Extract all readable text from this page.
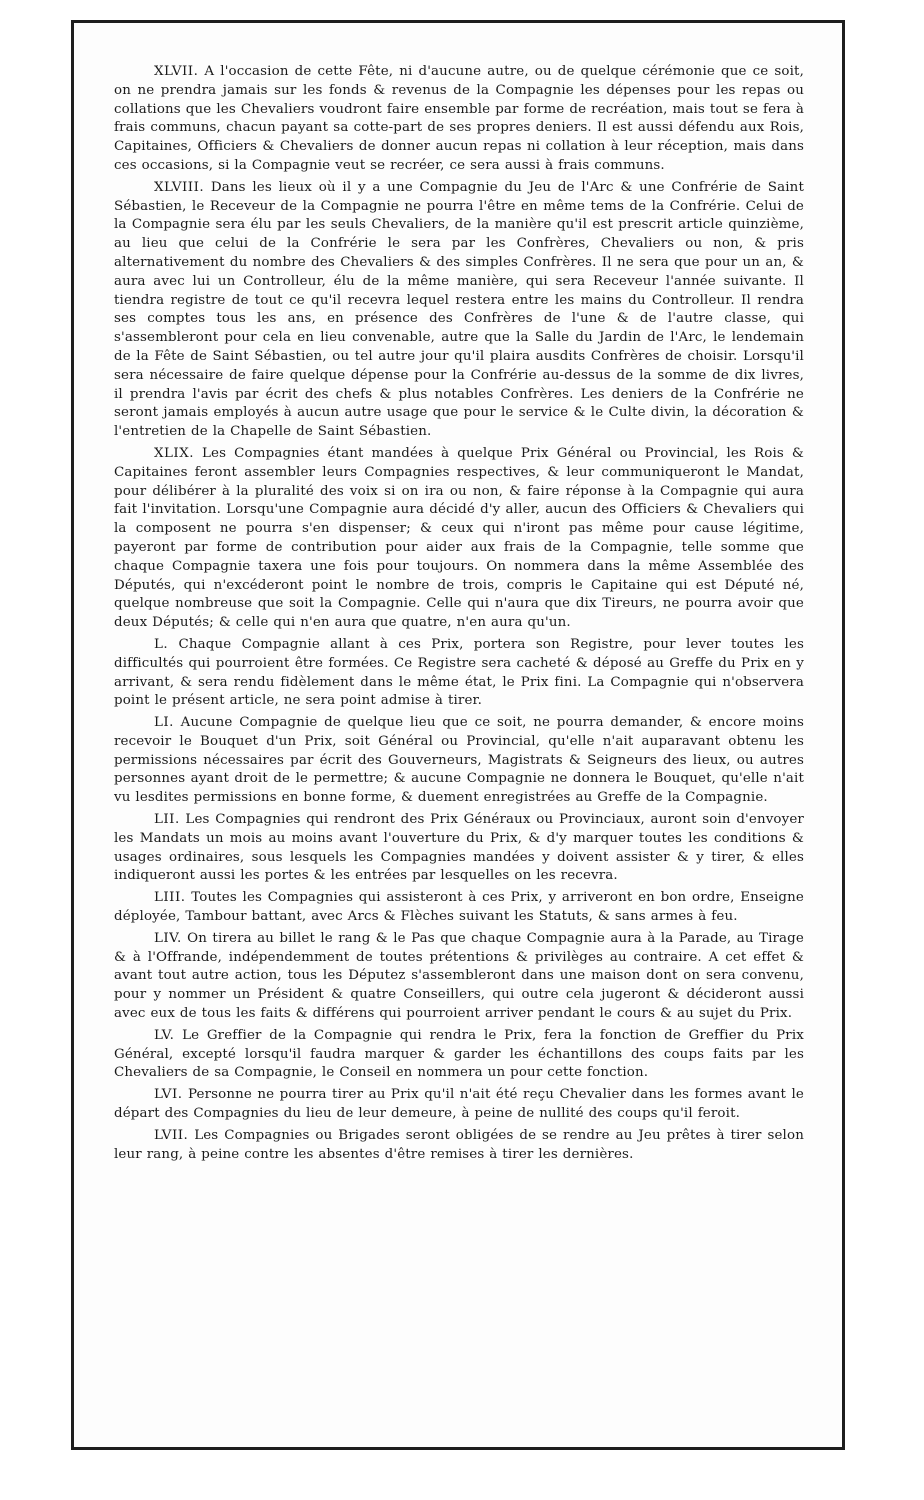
XLVII. A l'occasion de cette Fête, ni d'aucune autre, ou de quelque cérémonie que ce soit, on ne prendra jamais sur les fonds & revenus de la Compagnie les dépenses pour les repas ou collations que les Chevaliers voudront faire ensemble par forme de recréation, mais tout se fera à frais communs, chacun payant sa cotte-part de ses propres deniers. Il est aussi défendu aux Rois, Capitaines, Officiers & Chevaliers de donner aucun repas ni collation à leur réception, mais dans ces occasions, si la Compagnie veut se recréer, ce sera aussi à frais communs.

XLVIII. Dans les lieux où il y a une Compagnie du Jeu de l'Arc & une Confrérie de Saint Sébastien, le Receveur de la Compagnie ne pourra l'être en même tems de la Confrérie. Celui de la Compagnie sera élu par les seuls Chevaliers, de la manière qu'il est prescrit article quinzième, au lieu que celui de la Confrérie le sera par les Confrères, Chevaliers ou non, & pris alternativement du nombre des Chevaliers & des simples Confrères. Il ne sera que pour un an, & aura avec lui un Controlleur, élu de la même manière, qui sera Receveur l'année suivante. Il tiendra registre de tout ce qu'il recevra lequel restera entre les mains du Controlleur. Il rendra ses comptes tous les ans, en présence des Confrères de l'une & de l'autre classe, qui s'assembleront pour cela en lieu convenable, autre que la Salle du Jardin de l'Arc, le lendemain de la Fête de Saint Sébastien, ou tel autre jour qu'il plaira ausdits Confrères de choisir. Lorsqu'il sera nécessaire de faire quelque dépense pour la Confrérie au-dessus de la somme de dix livres, il prendra l'avis par écrit des chefs & plus notables Confrères. Les deniers de la Confrérie ne seront jamais employés à aucun autre usage que pour le service & le Culte divin, la décoration & l'entretien de la Chapelle de Saint Sébastien.

XLIX. Les Compagnies étant mandées à quelque Prix Général ou Provincial, les Rois & Capitaines feront assembler leurs Compagnies respectives, & leur communiqueront le Mandat, pour délibérer à la pluralité des voix si on ira ou non, & faire réponse à la Compagnie qui aura fait l'invitation. Lorsqu'une Compagnie aura décidé d'y aller, aucun des Officiers & Chevaliers qui la composent ne pourra s'en dispenser; & ceux qui n'iront pas même pour cause légitime, payeront par forme de contribution pour aider aux frais de la Compagnie, telle somme que chaque Compagnie taxera une fois pour toujours. On nommera dans la même Assemblée des Députés, qui n'excéderont point le nombre de trois, compris le Capitaine qui est Député né, quelque nombreuse que soit la Compagnie. Celle qui n'aura que dix Tireurs, ne pourra avoir que deux Députés; & celle qui n'en aura que quatre, n'en aura qu'un.

L. Chaque Compagnie allant à ces Prix, portera son Registre, pour lever toutes les difficultés qui pourroient être formées. Ce Registre sera cacheté & déposé au Greffe du Prix en y arrivant, & sera rendu fidèlement dans le même état, le Prix fini. La Compagnie qui n'observera point le présent article, ne sera point admise à tirer.

LI. Aucune Compagnie de quelque lieu que ce soit, ne pourra demander, & encore moins recevoir le Bouquet d'un Prix, soit Général ou Provincial, qu'elle n'ait auparavant obtenu les permissions nécessaires par écrit des Gouverneurs, Magistrats & Seigneurs des lieux, ou autres personnes ayant droit de le permettre; & aucune Compagnie ne donnera le Bouquet, qu'elle n'ait vu lesdites permissions en bonne forme, & duement enregistrées au Greffe de la Compagnie.

LII. Les Compagnies qui rendront des Prix Généraux ou Provinciaux, auront soin d'envoyer les Mandats un mois au moins avant l'ouverture du Prix, & d'y marquer toutes les conditions & usages ordinaires, sous lesquels les Compagnies mandées y doivent assister & y tirer, & elles indiqueront aussi les portes & les entrées par lesquelles on les recevra.

LIII. Toutes les Compagnies qui assisteront à ces Prix, y arriveront en bon ordre, Enseigne déployée, Tambour battant, avec Arcs & Flèches suivant les Statuts, & sans armes à feu.

LIV. On tirera au billet le rang & le Pas que chaque Compagnie aura à la Parade, au Tirage & à l'Offrande, indépendemment de toutes prétentions & privilèges au contraire. A cet effet & avant tout autre action, tous les Députez s'assembleront dans une maison dont on sera convenu, pour y nommer un Président & quatre Conseillers, qui outre cela jugeront & décideront aussi avec eux de tous les faits & différens qui pourroient arriver pendant le cours & au sujet du Prix.

LV. Le Greffier de la Compagnie qui rendra le Prix, fera la fonction de Greffier du Prix Général, excepté lorsqu'il faudra marquer & garder les échantillons des coups faits par les Chevaliers de sa Compagnie, le Conseil en nommera un pour cette fonction.

LVI. Personne ne pourra tirer au Prix qu'il n'ait été reçu Chevalier dans les formes avant le départ des Compagnies du lieu de leur demeure, à peine de nullité des coups qu'il feroit.

LVII. Les Compagnies ou Brigades seront obligées de se rendre au Jeu prêtes à tirer selon leur rang, à peine contre les absentes d'être remises à tirer les dernières.
